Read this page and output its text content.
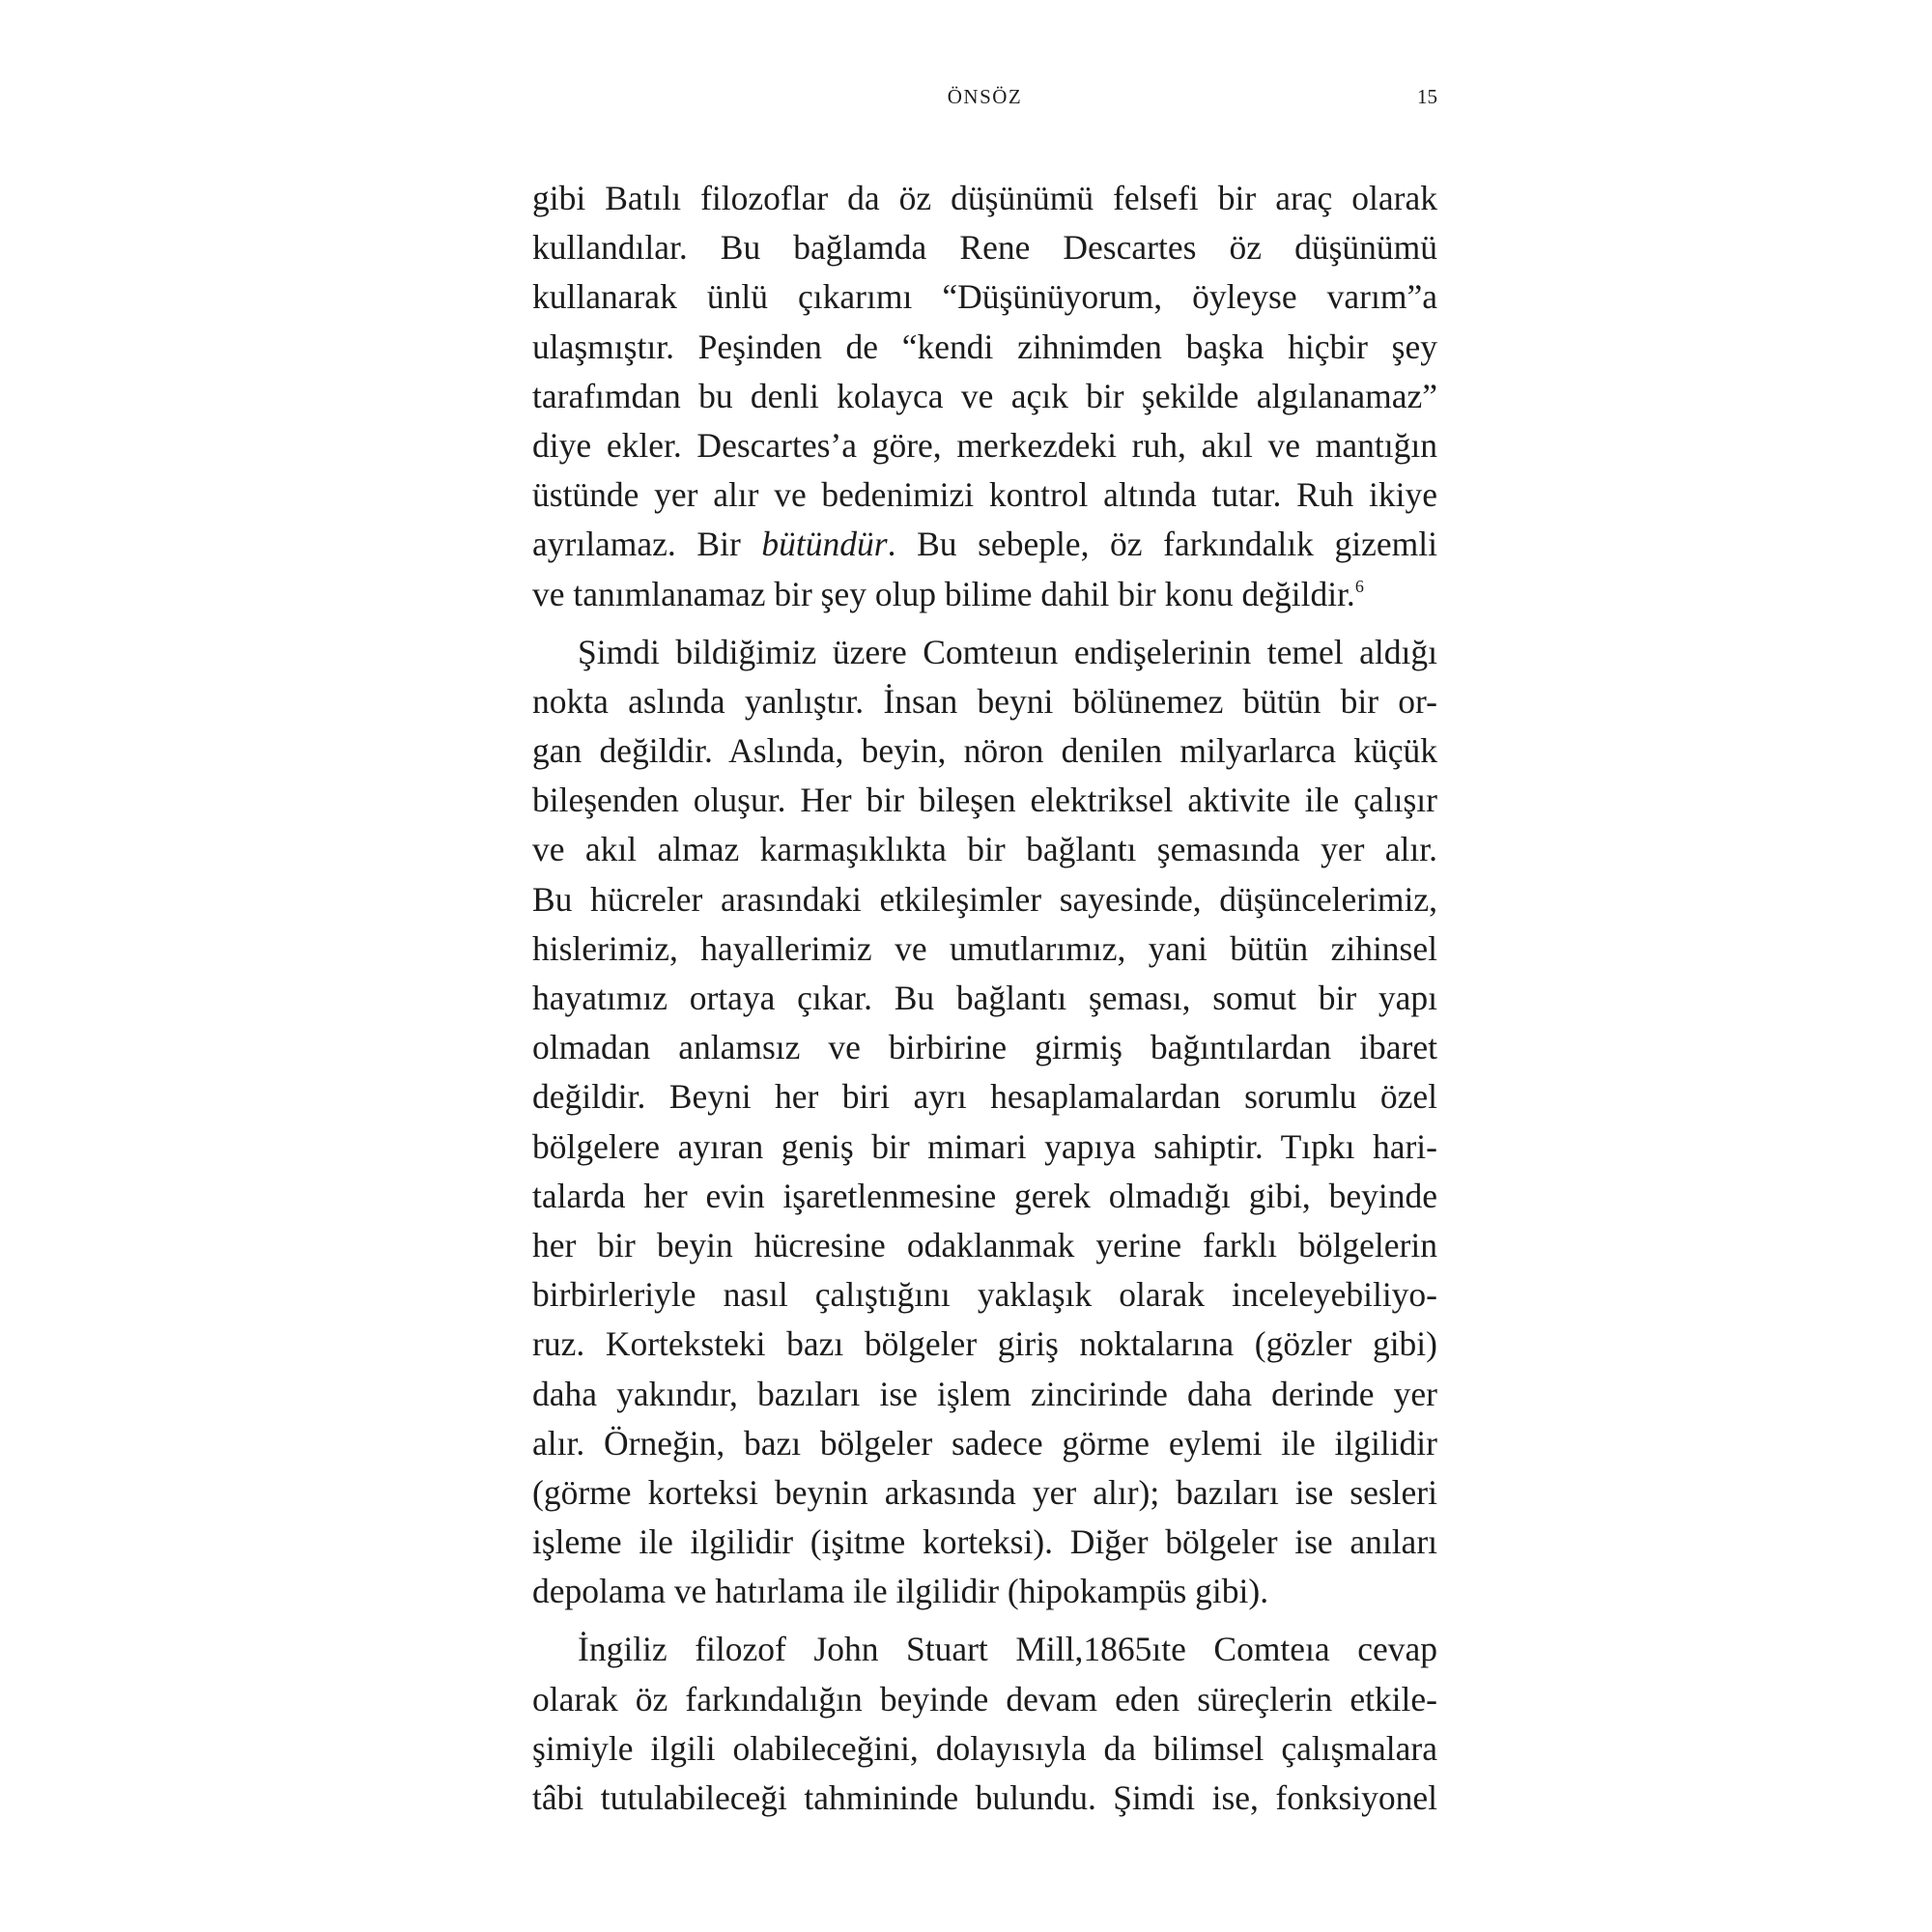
ÖNSÖZ	15

gibi Batılı filozoflar da öz düşünümü felsefi bir araç olarak
kullandılar. Bu bağlamda Rene Descartes öz düşünümü
kullanarak ünlü çıkarımı “Düşünüyorum, öyleyse varım”a
ulaşmıştır. Peşinden de “kendi zihnimden başka hiçbir şey
tarafımdan bu denli kolayca ve açık bir şekilde algılanamaz”
diye ekler. Descartes’a göre, merkezdeki ruh, akıl ve mantığın
üstünde yer alır ve bedenimizi kontrol altında tutar. Ruh ikiye
ayrılamaz. Bir bütündür. Bu sebeple, öz farkındalık gizemli
ve tanımlanamaz bir şey olup bilime dahil bir konu değildir.$^6$

Şimdi bildiğimiz üzere Comteıun endişelerinin temel aldığı
nokta aslında yanlıştır. İnsan beyni bölünemez bütün bir or-
gan değildir. Aslında, beyin, nöron denilen milyarlarca küçük
bileşenden oluşur. Her bir bileşen elektriksel aktivite ile çalışır
ve akıl almaz karmaşıklıkta bir bağlantı şemasında yer alır.
Bu hücreler arasındaki etkileşimler sayesinde, düşüncelerimiz,
hislerimiz, hayallerimiz ve umutlarımız, yani bütün zihinsel
hayatımız ortaya çıkar. Bu bağlantı şeması, somut bir yapı
olmadan anlamsız ve birbirine girmiş bağıntılardan ibaret
değildir. Beyni her biri ayrı hesaplamalardan sorumlu özel
bölgelere ayıran geniş bir mimari yapıya sahiptir. Tıpkı hari-
talarda her evin işaretlenmesine gerek olmadığı gibi, beyinde
her bir beyin hücresine odaklanmak yerine farklı bölgelerin
birbirleriyle nasıl çalıştığını yaklaşık olarak inceleyebiliyo-
ruz. Korteksteki bazı bölgeler giriş noktalarına (gözler gibi)
daha yakındır, bazıları ise işlem zincirinde daha derinde yer
alır. Örneğin, bazı bölgeler sadece görme eylemi ile ilgilidir
(görme korteksi beynin arkasında yer alır); bazıları ise sesleri
işleme ile ilgilidir (işitme korteksi). Diğer bölgeler ise anıları
depolama ve hatırlama ile ilgilidir (hipokampüs gibi).

İngiliz filozof John Stuart Mill,1865ıte Comteıa cevap
olarak öz farkındalığın beyinde devam eden süreçlerin etkile-
şimiyle ilgili olabileceğini, dolayısıyla da bilimsel çalışmalara
tâbi tutulabileceği tahmininde bulundu. Şimdi ise, fonksiyonel
